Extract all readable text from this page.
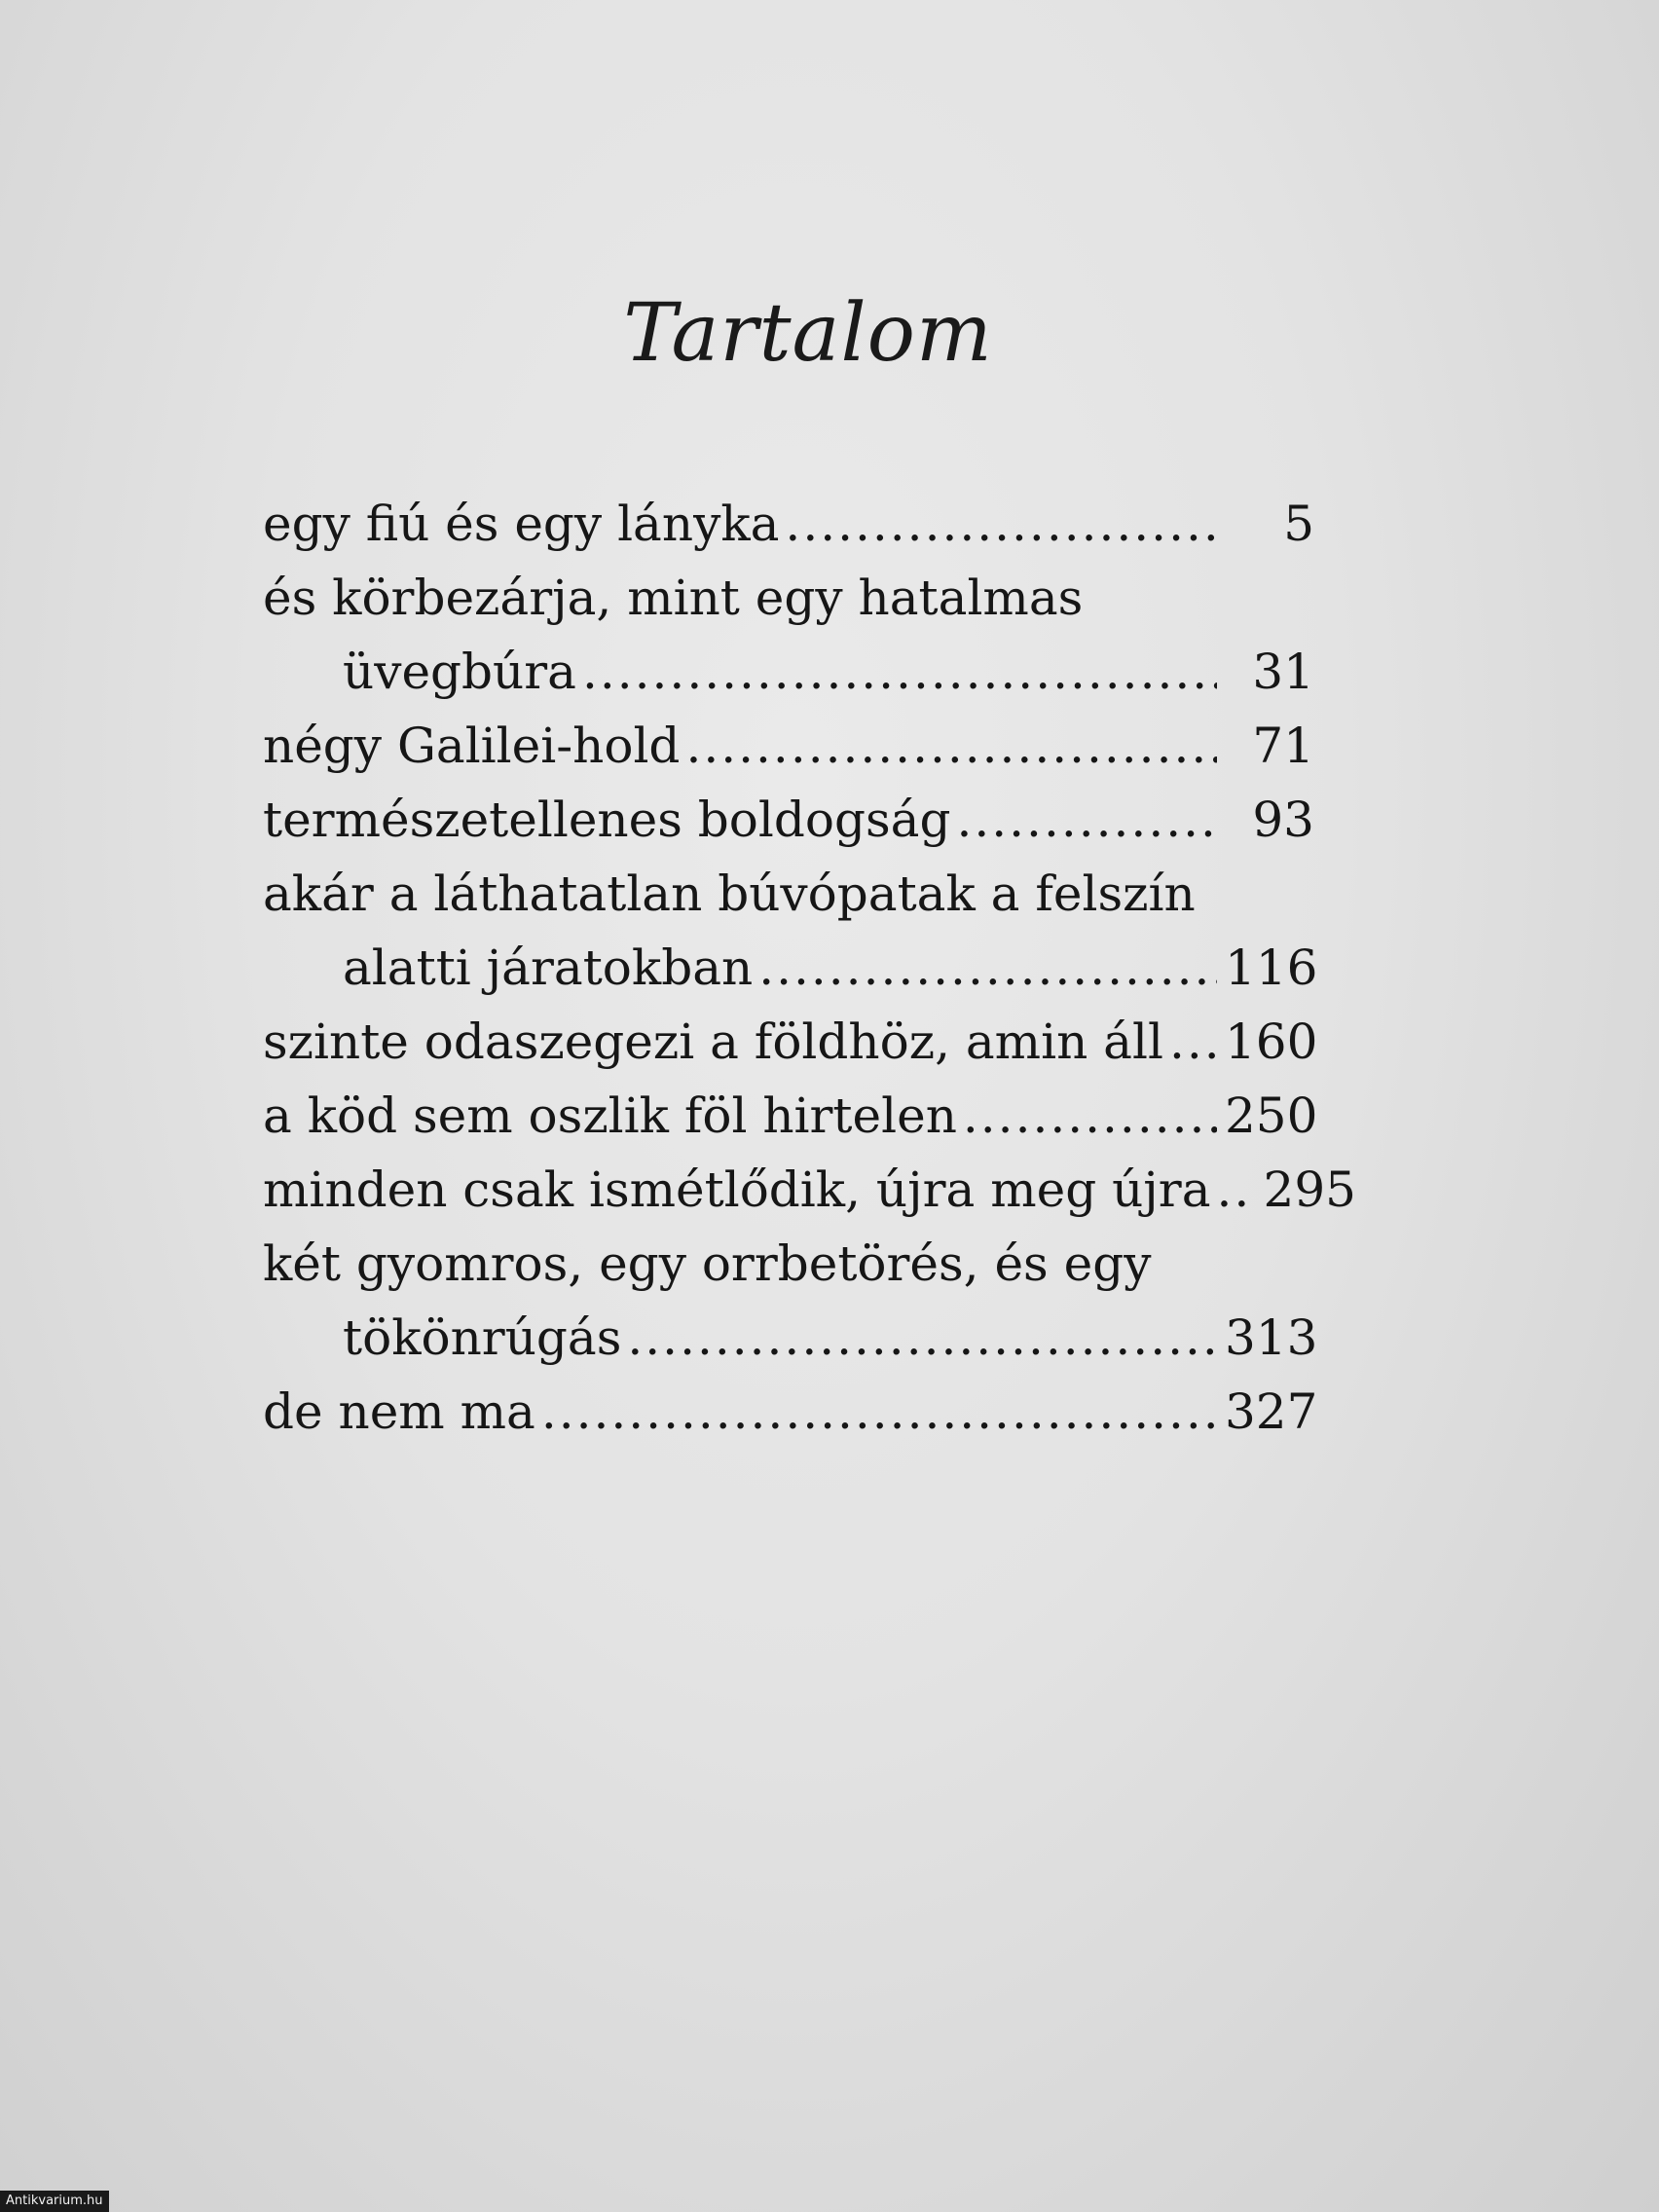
Tartalom
egy fiú és egy lányka .....	5
és körbezárja, mint egy hatalmas
üvegbúra .....	31
négy Galilei-hold .....	71
természetellenes boldogság .....	93
akár a láthatatlan búvópatak a felszín
alatti járatokban .....	116
szinte odaszegezi a földhöz, amin áll ..... 160
a köd sem oszlik föl hirtelen .....	250
minden csak ismétlődik, újra meg újra ..... 295
két gyomros, egy orrbetörés, és egy
tökönrúgás .....	313
de nem ma .....	327
Antikvarium.hu
